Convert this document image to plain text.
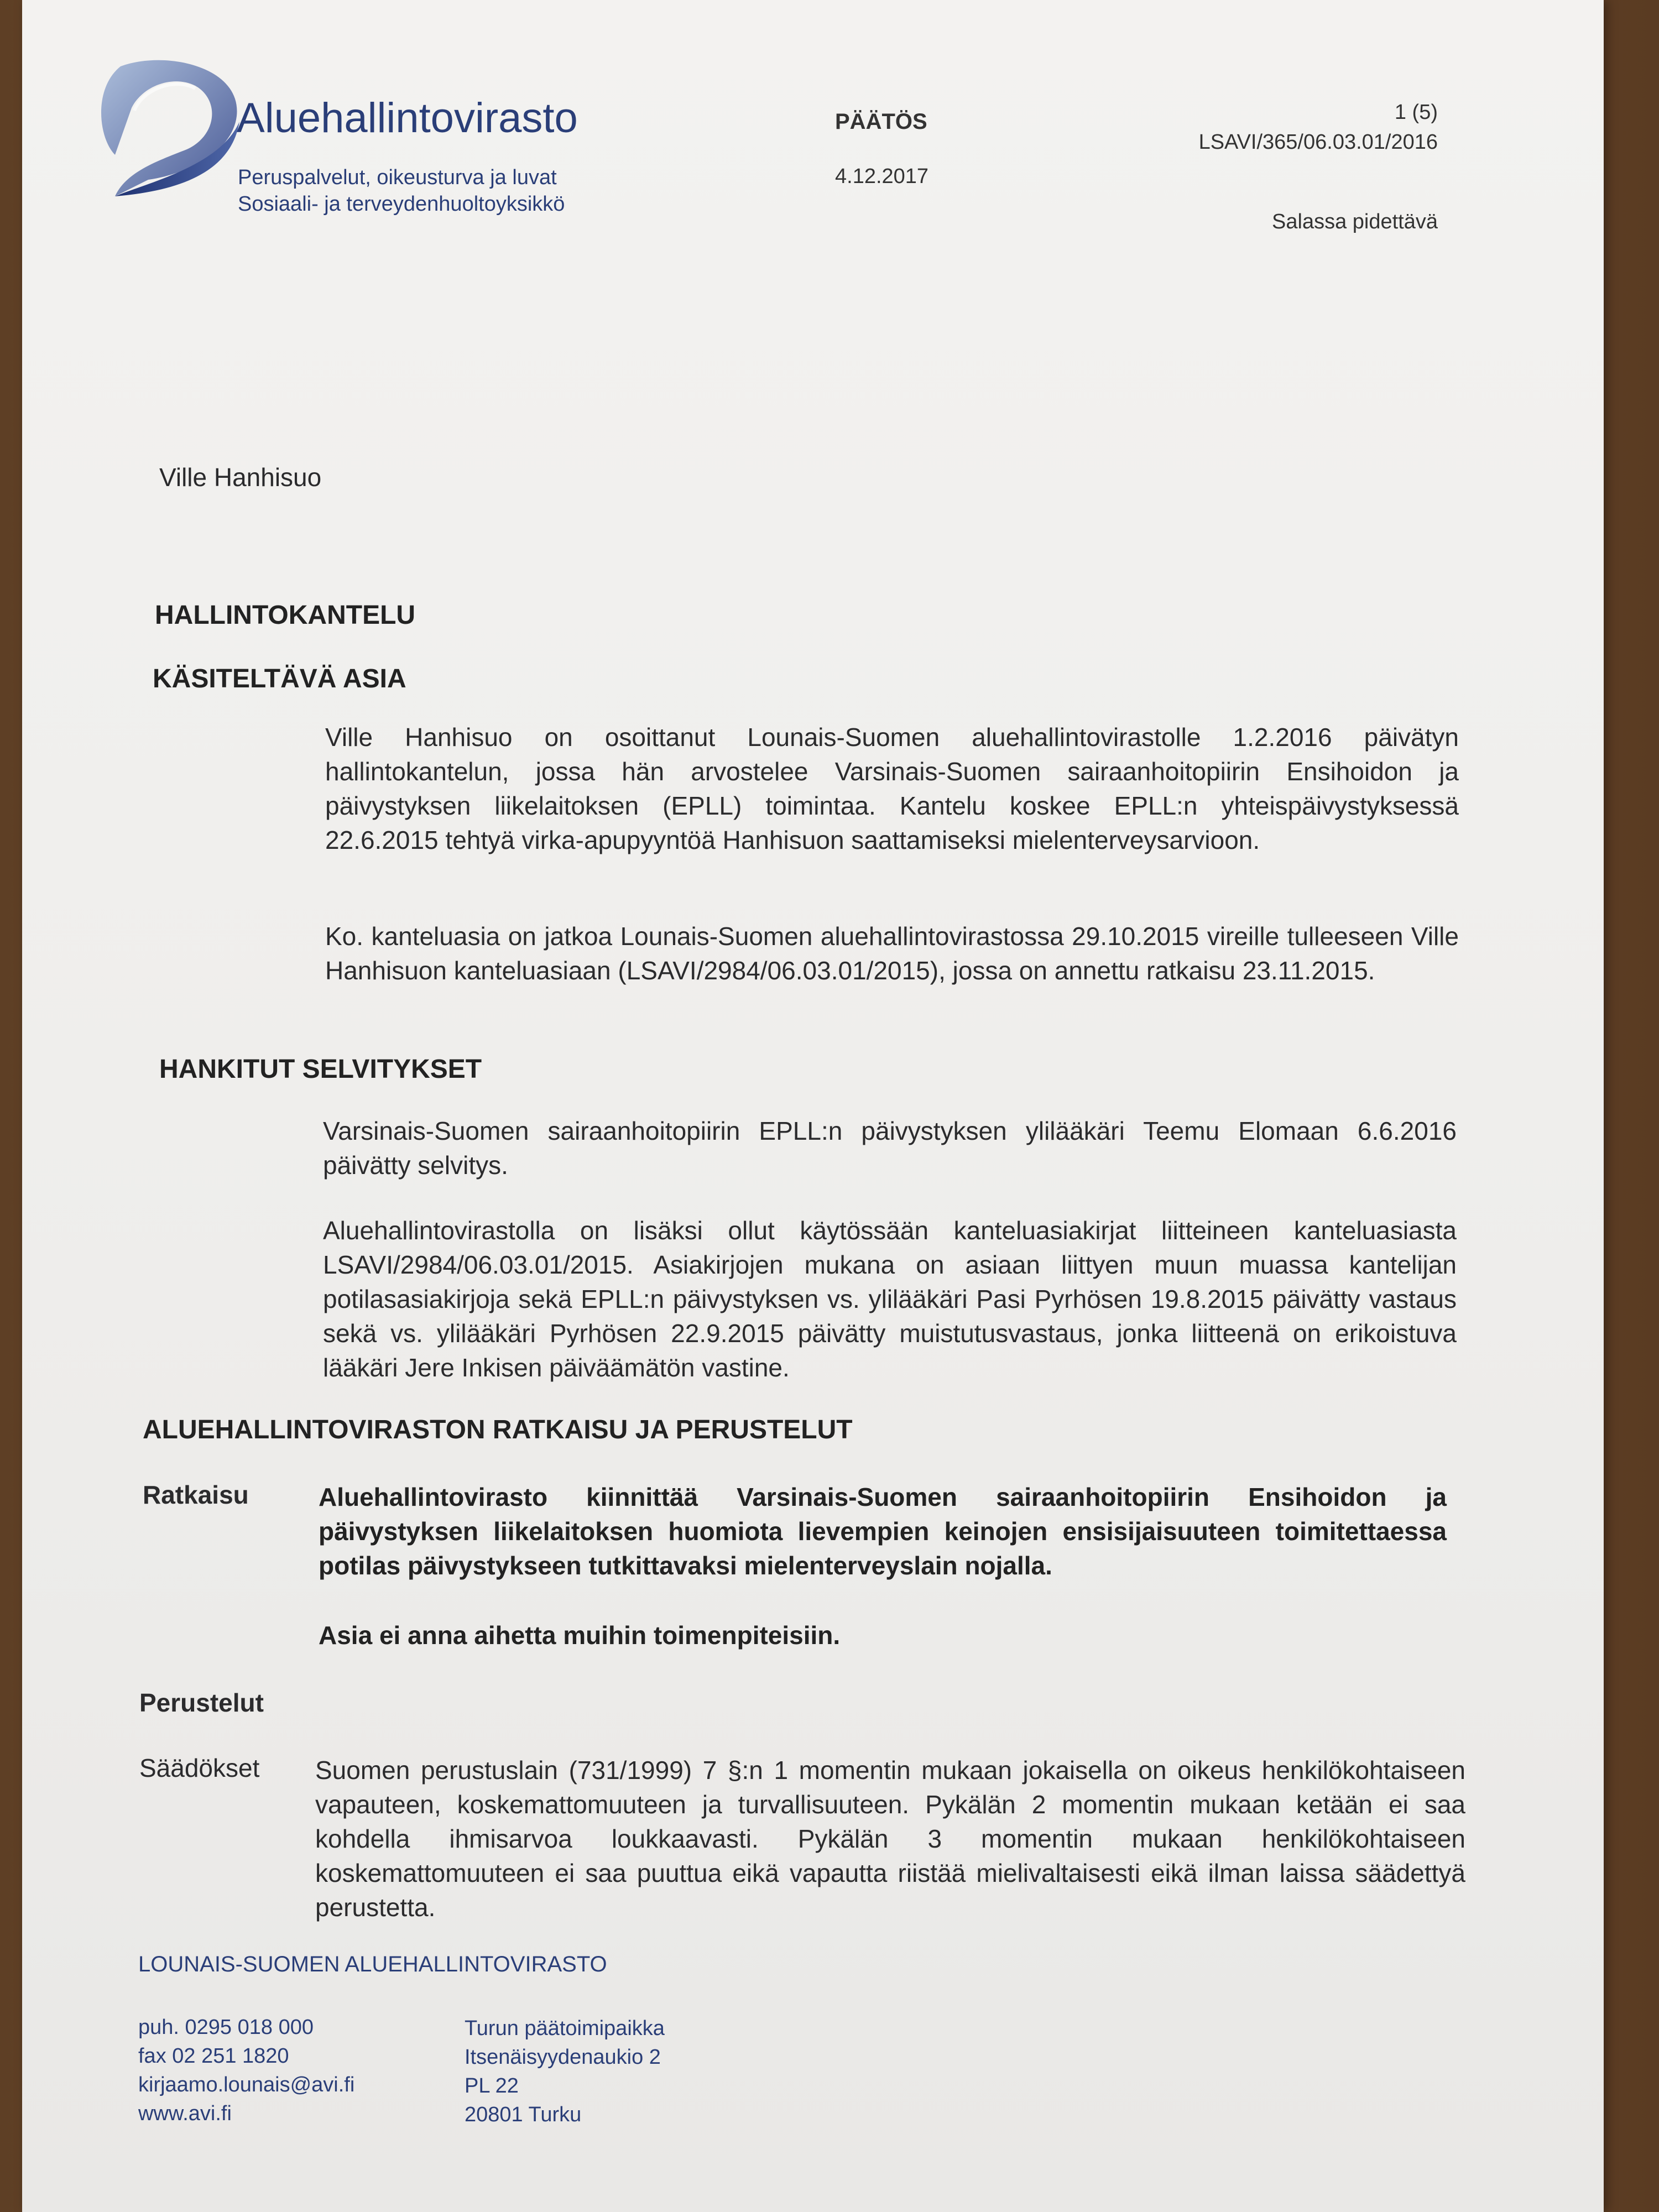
Aluehallintovirasto
Peruspalvelut, oikeusturva ja luvat
Sosiaali- ja terveydenhuoltoyksikkö
PÄÄTÖS
4.12.2017
1 (5)
LSAVI/365/06.03.01/2016
Salassa pidettävä
Ville Hanhisuo
HALLINTOKANTELU
KÄSITELTÄVÄ ASIA
Ville Hanhisuo on osoittanut Lounais-Suomen aluehallintovirastolle 1.2.2016 päivätyn hallintokantelun, jossa hän arvostelee Varsinais-Suomen sairaanhoitopiirin Ensihoidon ja päivystyksen liikelaitoksen (EPLL) toimintaa. Kantelu koskee EPLL:n yhteispäivystyksessä 22.6.2015 tehtyä virka-apupyyntöä Hanhisuon saattamiseksi mielenterveysarvioon.
Ko. kanteluasia on jatkoa Lounais-Suomen aluehallintovirastossa 29.10.2015 vireille tulleeseen Ville Hanhisuon kanteluasiaan (LSAVI/2984/06.03.01/2015), jossa on annettu ratkaisu 23.11.2015.
HANKITUT SELVITYKSET
Varsinais-Suomen sairaanhoitopiirin EPLL:n päivystyksen ylilääkäri Teemu Elomaan 6.6.2016 päivätty selvitys.
Aluehallintovirastolla on lisäksi ollut käytössään kanteluasiakirjat liitteineen kanteluasiasta LSAVI/2984/06.03.01/2015. Asiakirjojen mukana on asiaan liittyen muun muassa kantelijan potilasasiakirjoja sekä EPLL:n päivystyksen vs. ylilääkäri Pasi Pyrhösen 19.8.2015 päivätty vastaus sekä vs. ylilääkäri Pyrhösen 22.9.2015 päivätty muistutusvastaus, jonka liitteenä on erikoistuva lääkäri Jere Inkisen päiväämätön vastine.
ALUEHALLINTOVIRASTON RATKAISU JA PERUSTELUT
Ratkaisu	Aluehallintovirasto kiinnittää Varsinais-Suomen sairaanhoitopiirin Ensihoidon ja päivystyksen liikelaitoksen huomiota lievempien keinojen ensisijaisuuteen toimitettaessa potilas päivystykseen tutkittavaksi mielenterveyslain nojalla.
Asia ei anna aihetta muihin toimenpiteisiin.
Perustelut
Säädökset Suomen perustuslain (731/1999) 7 §:n 1 momentin mukaan jokaisella on oikeus henkilökohtaiseen vapauteen, koskemattomuuteen ja turvallisuuteen. Pykälän 2 momentin mukaan ketään ei saa kohdella ihmisarvoa loukkaavasti. Pykälän 3 momentin mukaan henkilökohtaiseen koskemattomuuteen ei saa puuttua eikä vapautta riistää mielivaltaisesti eikä ilman laissa säädettyä perustetta.
LOUNAIS-SUOMEN ALUEHALLINTOVIRASTO
puh. 0295 018 000
fax 02 251 1820
kirjaamo.lounais@avi.fi
www.avi.fi
Turun päätoimipaikka
Itsenäisyydenaukio 2
PL 22
20801 Turku
